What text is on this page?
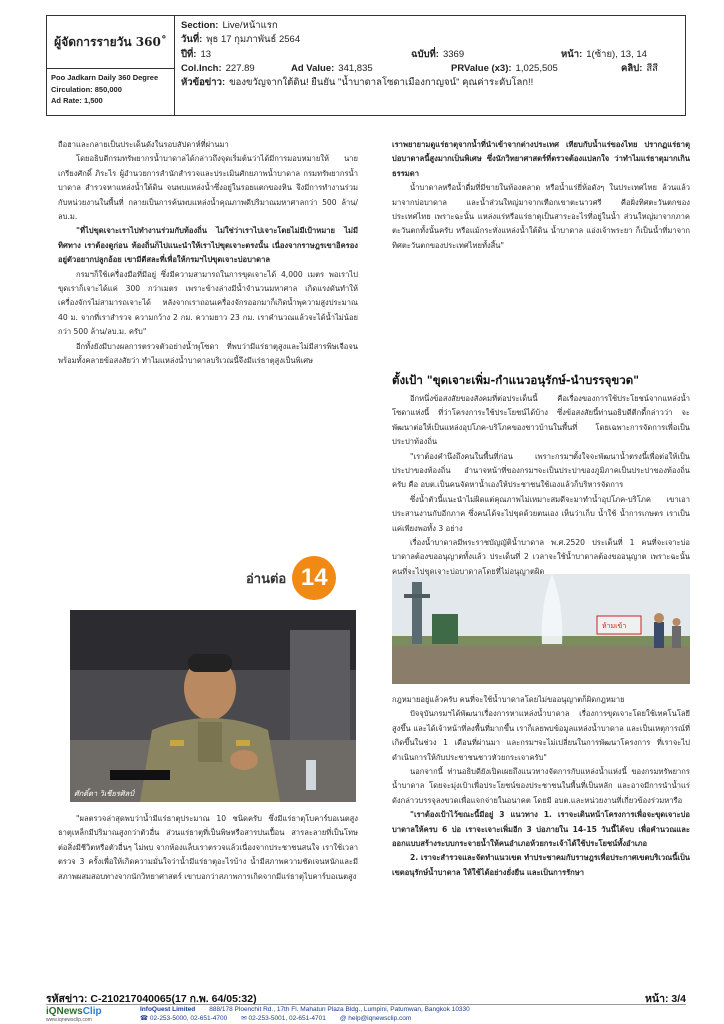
ผู้จัดการรายวัน 360˚
Poo Jadkarn Daily 360 Degree
Circulation: 850,000
Ad Rate: 1,500
Section: Live/หน้าแรก
วันที่: พุธ 17 กุมภาพันธ์ 2564
ปีที่: 13	ฉบับที่: 3369	หน้า: 1(ซ้าย), 13, 14
Col.Inch: 227.89	Ad Value: 341,835	PRValue (x3): 1,025,505	คลิป: สีสี
หัวข้อข่าว: ของขวัญจากใต้ดิน! ยืนยัน "น้ำบาดาลโซดาเมืองกาญจน์" คุณค่าระดับโลก!!

ถือฮาและกลายเป็นประเด็นดังในรอบสัปดาห์ที่ผ่านมา

โดยอธิบดีกรมทรัพยากรน้ำบาดาลได้กล่าวถึงจุดเริ่มต้นว่าได้มีการมอบหมายให้ นายเกรียงศักดิ์ ภิระไร ผู้อำนวยการสำนักสำรวจและประเมินศักยภาพน้ำบาดาล กรมทรัพยากรน้ำบาดาล สำรวจหาแหล่งน้ำใต้ดิน จนพบแหล่งน้ำซึ่งอยู่ในรอยแตกของหิน จึงมีการทำงานร่วมกับหน่วยงานในพื้นที่ กลายเป็นการค้นพบแหล่งน้ำคุณภาพดีปริมาณมหาศาลกว่า 500 ล้าน/ลบ.ม.

"ที่ไปขุดเจาะเราไปทำงานร่วมกับท้องถิ่น ไม่ใช่ว่าเราไปเจาะโดยไม่มีเป้าหมาย ไม่มีทิศทาง เราต้องดูก่อน ท้องถิ่นก็ไปแนะนำให้เราไปขุดเจาะตรงนั้น เนื่องจากราษฎรเขาอิครองอยู่ตัวอยากปลูกอ้อย เขามีดีสละที่เพื่อให้กรมฯไปขุดเจาะบ่อบาดาล

กรมฯก็ใช้เครื่องมือที่มีอยู่ ซึ่งมีความสามารถในการขุดเจาะได้ 4,000 เมตร พอเราไปขุดเราก็เจาะได้แค่ 300 กว่าเมตร เพราะข้างล่างมีน้ำจำนวนมหาศาล เกิดแรงดันทำให้เครื่องจักรไม่สามารถเจาะได้ หลังจากเราถอนเครื่องจักรออกมาก็เกิดน้ำพุความสูงประมาณ 40 ม. จากที่เราสำรวจ ความกว้าง 2 กม. ความยาว 23 กม. เราคำนวณแล้วจะได้น้ำไม่น้อยกว่า 500 ล้าน/ลบ.ม. ครับ"

อีกทั้งยังมีบางผลการตรวจตัวอย่างน้ำพุโซดา ที่พบว่ามีแร่ธาตุสูงและไม่มีสารพิษเจือจน พร้อมทั้งคลายข้อสงสัยว่า ทำไมแหล่งน้ำบาดาลบริเวณนี้จึงมีแร่ธาตุสูงเป็นพิเศษ

อ่านต่อ 14
ศักดิ์ดา วิเชียรศิลป์
ห้ามเข้า

เราพยายามดูแร่ธาตุจากน้ำที่นำเข้าจากต่างประเทศ เทียบกับน้ำแร่ของไทย ปรากฏแร่ธาตุบ่อบาดาลนี้สูงมากเป็นพิเศษ ซึ่งนักวิทยาศาสตร์ที่ตรวจต้องแปลกใจ ว่าทำไมแร่ธาตุมากเกินธรรมดา

น้ำบาดาลหรือน้ำดื่มที่มีขายในท้องตลาด หรือน้ำแร่ยี่ห้อดังๆ ในประเทศไทย ล้วนแล้วมาจากบ่อบาดาล และน้ำส่วนใหญ่มาจากเทือกเขาตะนาวศรี คือฝั่งทิศตะวันตกของประเทศไทย เพราะฉะนั้น แหล่งแร่หรือแร่ธาตุเป็นสาระอะไรที่อยู่ในน้ำ ส่วนใหญ่มาจากภาคตะวันตกทั้งนั้นครับ หรือแม้กระทั่งแหล่งน้ำใต้ดิน น้ำบาดาล แอ่งเจ้าพระยา ก็เป็นน้ำที่มาจากทิศตะวันตกของประเทศไทยทั้งสิ้น"

ตั้งเป้า "ขุดเจาะเพิ่ม-กำแนวอนุรักษ์-นำบรรจุขวด"

อีกหนึ่งข้อสงสัยของสังคมที่ต่อประเด็นนี้ คือเรื่องของการใช้ประโยชน์จากแหล่งน้ำโซดาแห่งนี้ ที่ว่าโครงการะใช้ประโยชน์ได้บ้าง ซึ่งข้อสงสัยนี้ท่านอธิบดีตีกดี้กล่าวว่า จะพัฒนาต่อให้เป็นแหล่งอุปโภค-บริโภคของชาวบ้านในพื้นที่ โดยเฉพาะการจัดการเพื่อเป็นประปาท้องถิ่น

"เราต้องคำนึงถึงคนในพื้นที่ก่อน เพราะกรมฯตั้งใจจะพัฒนาน้ำตรงนี้เพื่อต่อให้เป็นประปาของท้องถิ่น อำนาจหน้าที่ของกรมฯจะเป็นประปาของภูมิภาคเป็นประปาของท้องถิ่นครับ คือ อบต.เป็นคนจัดหาน้ำเองให้ประชาชนใช้เองแล้วก็บริหารจัดการ

ซึ่งน้ำตัวนี้แนะนำไม่ผิดแต่คุณภาพไม่เหมาะสมดีจะมาทำน้ำอุปโภค-บริโภค เขาเอาประสานงานกับอีกภาค ซึ่งคนได้จะไปขุดด้วยตนเอง เห็นว่าเก็บ น้ำใช้ น้ำการเกษตร เราเป็นแค่เพียงพอทั้ง 3 อย่าง

เรื่องน้ำบาดาลมีพระราชบัญญัติน้ำบาดาล พ.ศ.2520 ประเด็นที่ 1 คนที่จะเจาะบ่อบาดาลต้องขออนุญาตทั้งแล้ว ประเด็นที่ 2 เวลาจะใช้น้ำบาดาลต้องขออนุญาต เพราะฉะนั้นคนที่จะไปขุดเจาะบ่อบาดาลโดยที่ไม่อนุญาตผิด

กฎหมายอยู่แล้วครับ คนที่จะใช้น้ำบาดาลโดยไม่ขออนุญาตก็ผิดกฎหมาย

ปัจจุบันกรมฯได้พัฒนาเรื่องการหาแหล่งน้ำบาดาล เรื่องการขุดเจาะโดยใช้เทคโนโลยีสูงขึ้น และได้เจ้าหน้าที่ลงพื้นที่มากขึ้น เราก็เลยพบข้อมูลแหล่งน้ำบาดาล และเป็นเหตุการณ์ที่เกิดขึ้นในช่วง 1 เดือนที่ผ่านมา และกรมฯจะไม่เปลี่ยนในการพัฒนาโครงการ ที่เราจะไปดำเนินการให้กับประชาชนชาวหัวยกระเจาครับ"

นอกจากนี้ ท่านอธิบดียังเปิดเผยถึงแนวทางจัดการกับแหล่งน้ำแห่งนี้ ของกรมทรัพยากรน้ำบาดาล โดยจะมุ่งเป้าเพื่อประโยชน์ของประชาชนในพื้นที่เป็นหลัก และอาจมีการนำน้ำแร่ดังกล่าวบรรจุลงขวดเพื่อแจกจ่ายในอนาคต โดยมี อบต.และหน่วยงานที่เกี่ยวข้องร่วมหารือ

"เราต้องเป้าไว้ขณะนี้มีอยู่ 3 แนวทาง 1. เราจะเดินหน้าโครงการเพื่อจะขุดเจาะบ่อบาดาลให้ครบ 6 บ่อ เราจะเจาะเพิ่มอีก 3 บ่อภายใน 14-15 วันนี้ได้จบ เพื่อคำนวณและออกแบบสร้างระบบกระจายน้ำให้คนอำเภอห้วยกระเจ้าได้ใช้ประโยชน์ทั้งอำเภอ

2. เราจะสำรวจและจัดทำแนวเขต ทำประชาคมกับราษฎรเพื่อประกาศเขตบริเวณนี้เป็นเขตอนุรักษ์น้ำบาดาล ให้ใช้ได้อย่างยั่งยืน และเป็นการรักษา

"ผลตรวจล่าสุดพบว่าน้ำมีแร่ธาตุประมาณ 10 ชนิดครับ ซึ่งมีแร่ธาตุโบคาร์บอเนตสูง ธาตุเหล็กมีปริมาณสูงกว่าตัวอื่น ส่วนแร่ธาตุที่เป็นพิษหรือสารปนเปื้อน สารละลายที่เป็นโทษต่อสิ่งมีชีวิตหรือตัวอื่นๆ ไม่พบ จากห้องแล็บเราตรวจแล้วเนื่องจากประชาชนสนใจ เราใช้เวลาตรวจ 3 ครั้งเพื่อให้เกิดความมั่นใจว่าน้ำมีแร่ธาตุอะไรบ้าง น้ำมีสภาพความชัดเจนหนักและมีสภาพผสมสอบทางจากนักวิทยาศาสตร์ เขาบอกว่าสภาพการเกิดจากมีแร่ธาตุไบคาร์บอเนตสูง

รหัสข่าว: C-210217040065(17 ก.พ. 64/05:32)	หน้า: 3/4
iQNewsClip
www.iqnewsclip.com
InfoQuest Limited 888/178 Ploenchit Rd., 17th Fl. Mahatun Plaza Bldg., Lumpini, Patumwan, Bangkok 10330
☎ 02-253-5000, 02-651-4700 ✉ 02-253-5001, 02-651-4701 @ help@iqnewsclip.com
